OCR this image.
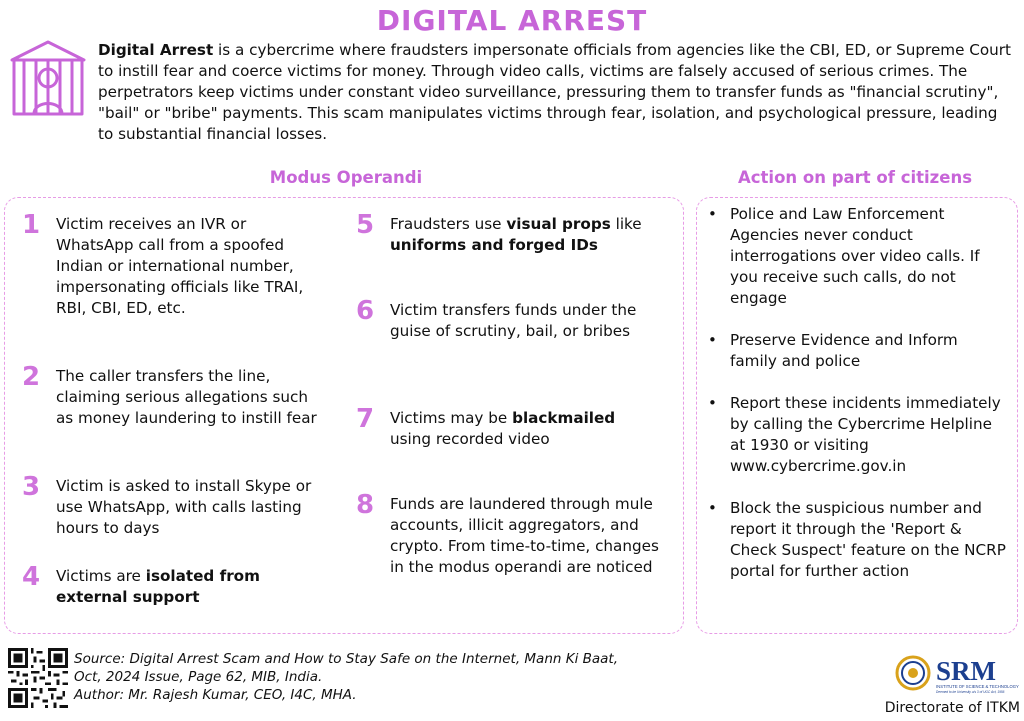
DIGITAL ARREST
Digital Arrest is a cybercrime where fraudsters impersonate officials from agencies like the CBI, ED, or Supreme Court to instill fear and coerce victims for money. Through video calls, victims are falsely accused of serious crimes. The perpetrators keep victims under constant video surveillance, pressuring them to transfer funds as "financial scrutiny", "bail" or "bribe" payments. This scam manipulates victims through fear, isolation, and psychological pressure, leading to substantial financial losses.
Modus Operandi	Action on part of citizens
1	Victim receives an IVR or WhatsApp call from a spoofed Indian or international number, impersonating officials like TRAI, RBI, CBI, ED, etc.
2	The caller transfers the line, claiming serious allegations such as money laundering to instill fear
3	Victim is asked to install Skype or use WhatsApp, with calls lasting hours to days
4	Victims are isolated from external support
5	Fraudsters use visual props like uniforms and forged IDs
6	Victim transfers funds under the guise of scrutiny, bail, or bribes
7	Victims may be blackmailed using recorded video
8	Funds are laundered through mule accounts, illicit aggregators, and crypto. From time-to-time, changes in the modus operandi are noticed
• Police and Law Enforcement Agencies never conduct interrogations over video calls. If you receive such calls, do not engage
• Preserve Evidence and Inform family and police
• Report these incidents immediately by calling the Cybercrime Helpline at 1930 or visiting www.cybercrime.gov.in
• Block the suspicious number and report it through the 'Report & Check Suspect' feature on the NCRP portal for further action
Source: Digital Arrest Scam and How to Stay Safe on the Internet, Mann Ki Baat,
Oct, 2024 Issue, Page 62, MIB, India.
Author: Mr. Rajesh Kumar, CEO, I4C, MHA.
SRM
INSTITUTE OF SCIENCE & TECHNOLOGY
Deemed to be University u/s 3 of UGC Act, 1956
Directorate of ITKM
